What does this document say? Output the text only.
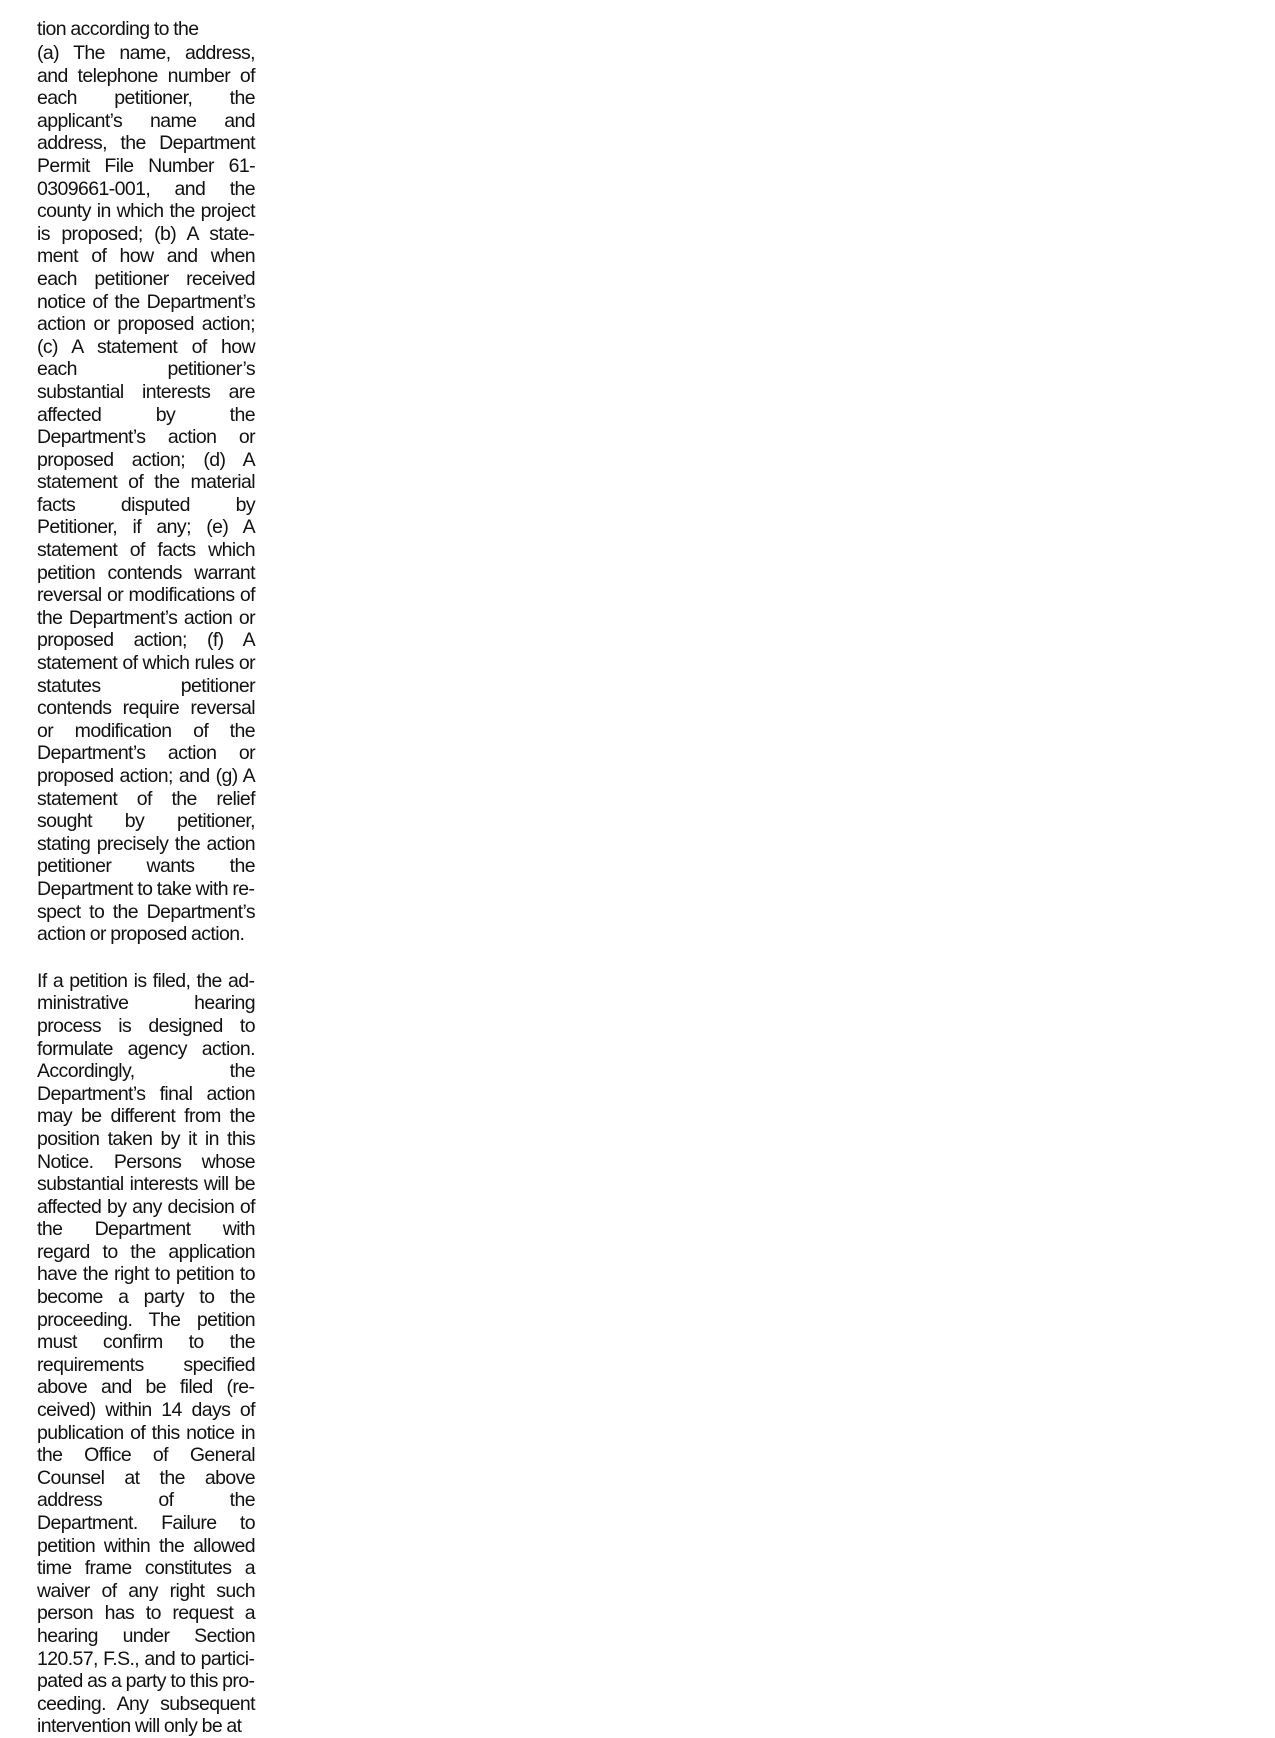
tion according to the

(a) The name, address, and telephone number of each petitioner, the applicant’s name and address, the Department Permit File Number 61-0309661-001, and the county in which the project is proposed; (b) A statement of how and when each petitioner received notice of the Department’s action or proposed action; (c) A statement of how each petitioner’s substantial interests are affected by the Department’s action or proposed action; (d) A statement of the material facts disputed by Petitioner, if any; (e) A statement of facts which petition contends warrant reversal or modifications of the Department’s action or proposed action; (f) A statement of which rules or statutes petitioner contends require reversal or modification of the Department’s action or proposed action; and (g) A statement of the relief sought by petitioner, stating precisely the action petitioner wants the Department to take with respect to the Department’s action or proposed action.

If a petition is filed, the administrative hearing process is designed to formulate agency action. Accordingly, the Department’s final action may be different from the position taken by it in this Notice. Persons whose substantial interests will be affected by any decision of the Department with regard to the application have the right to petition to become a party to the proceeding. The petition must confirm to the requirements specified above and be filed (received) within 14 days of publication of this notice in the Office of General Counsel at the above address of the Department. Failure to petition within the allowed time frame constitutes a waiver of any right such person has to request a hearing under Section 120.57, F.S., and to participated as a party to this proceeding. Any subsequent intervention will only be at
